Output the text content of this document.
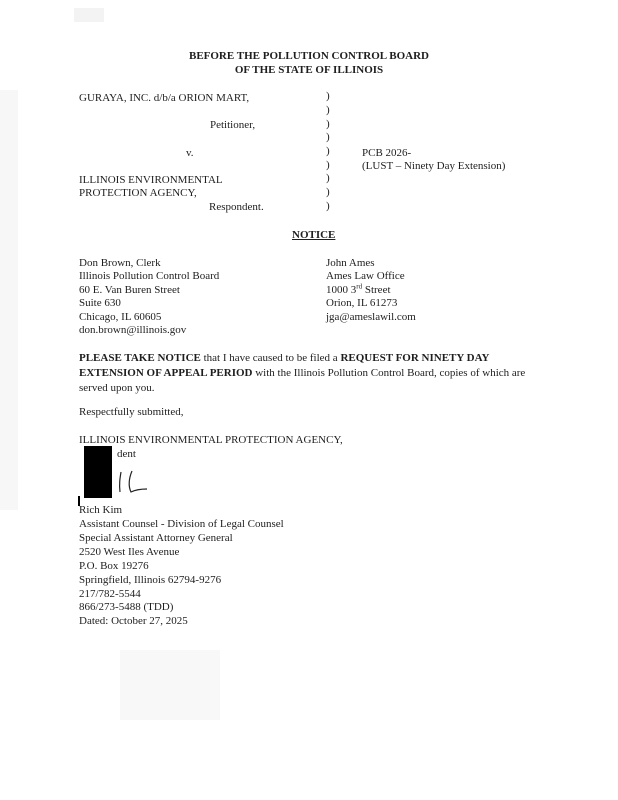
BEFORE THE POLLUTION CONTROL BOARD
OF THE STATE OF ILLINOIS
GURAYA, INC. d/b/a ORION MART,
Petitioner,
v.
ILLINOIS ENVIRONMENTAL
PROTECTION AGENCY,
Respondent.
)
)
)
)
)
)
)
)
)
PCB 2026-
(LUST – Ninety Day Extension)
NOTICE
Don Brown, Clerk
Illinois Pollution Control Board
60 E. Van Buren Street
Suite 630
Chicago, IL 60605
don.brown@illinois.gov
John Ames
Ames Law Office
1000 3rd Street
Orion, IL 61273
jga@ameslawil.com
PLEASE TAKE NOTICE that I have caused to be filed a REQUEST FOR NINETY DAY EXTENSION OF APPEAL PERIOD with the Illinois Pollution Control Board, copies of which are served upon you.
Respectfully submitted,
ILLINOIS ENVIRONMENTAL PROTECTION AGENCY,
dent
Rich Kim
Assistant Counsel - Division of Legal Counsel
Special Assistant Attorney General
2520 West Iles Avenue
P.O. Box 19276
Springfield, Illinois 62794-9276
217/782-5544
866/273-5488 (TDD)
Dated: October 27, 2025
